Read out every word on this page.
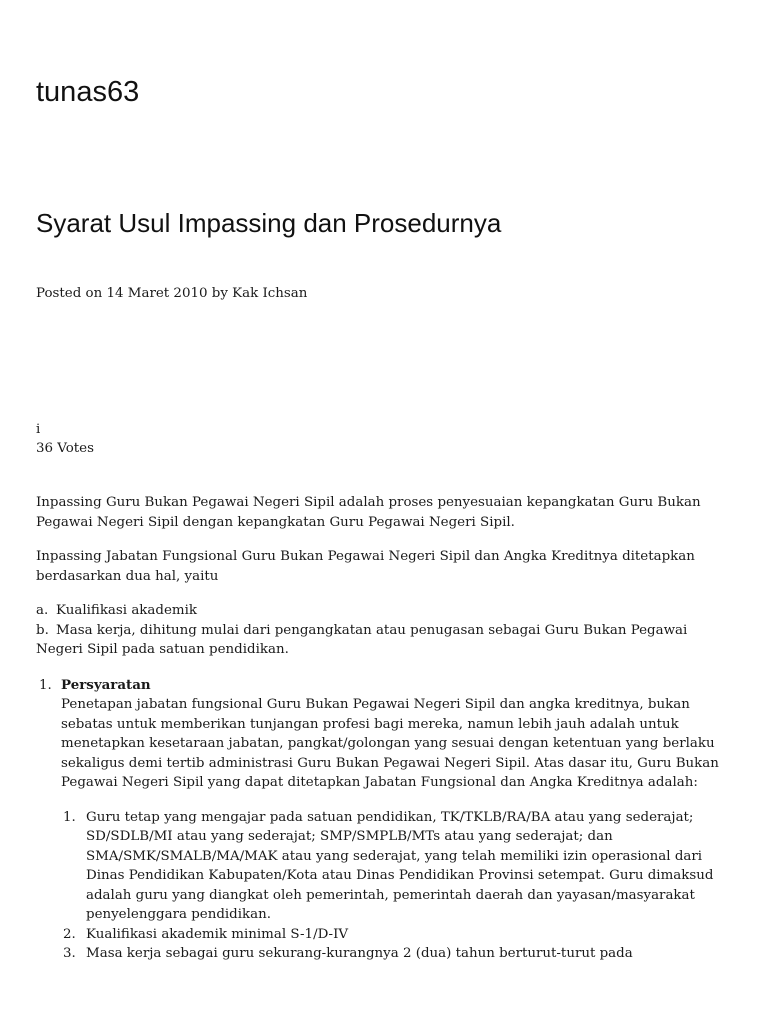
tunas63
Syarat Usul Impassing dan Prosedurnya
Posted on 14 Maret 2010 by Kak Ichsan
i
36 Votes

Inpassing Guru Bukan Pegawai Negeri Sipil adalah proses penyesuaian kepangkatan Guru Bukan Pegawai Negeri Sipil dengan kepangkatan Guru Pegawai Negeri Sipil.

Inpassing Jabatan Fungsional Guru Bukan Pegawai Negeri Sipil dan Angka Kreditnya ditetapkan berdasarkan dua hal, yaitu

a. Kualifikasi akademik
b. Masa kerja, dihitung mulai dari pengangkatan atau penugasan sebagai Guru Bukan Pegawai Negeri Sipil pada satuan pendidikan.
1. Persyaratan
Penetapan jabatan fungsional Guru Bukan Pegawai Negeri Sipil dan angka kreditnya, bukan sebatas untuk memberikan tunjangan profesi bagi mereka, namun lebih jauh adalah untuk menetapkan kesetaraan jabatan, pangkat/golongan yang sesuai dengan ketentuan yang berlaku sekaligus demi tertib administrasi Guru Bukan Pegawai Negeri Sipil. Atas dasar itu, Guru Bukan Pegawai Negeri Sipil yang dapat ditetapkan Jabatan Fungsional dan Angka Kreditnya adalah:
1. Guru tetap yang mengajar pada satuan pendidikan, TK/TKLB/RA/BA atau yang sederajat; SD/SDLB/MI atau yang sederajat; SMP/SMPLB/MTs atau yang sederajat; dan SMA/SMK/SMALB/MA/MAK atau yang sederajat, yang telah memiliki izin operasional dari Dinas Pendidikan Kabupaten/Kota atau Dinas Pendidikan Provinsi setempat. Guru dimaksud adalah guru yang diangkat oleh pemerintah, pemerintah daerah dan yayasan/masyarakat penyelenggara pendidikan.
2. Kualifikasi akademik minimal S-1/D-IV
3. Masa kerja sebagai guru sekurang-kurangnya 2 (dua) tahun berturut-turut pada
